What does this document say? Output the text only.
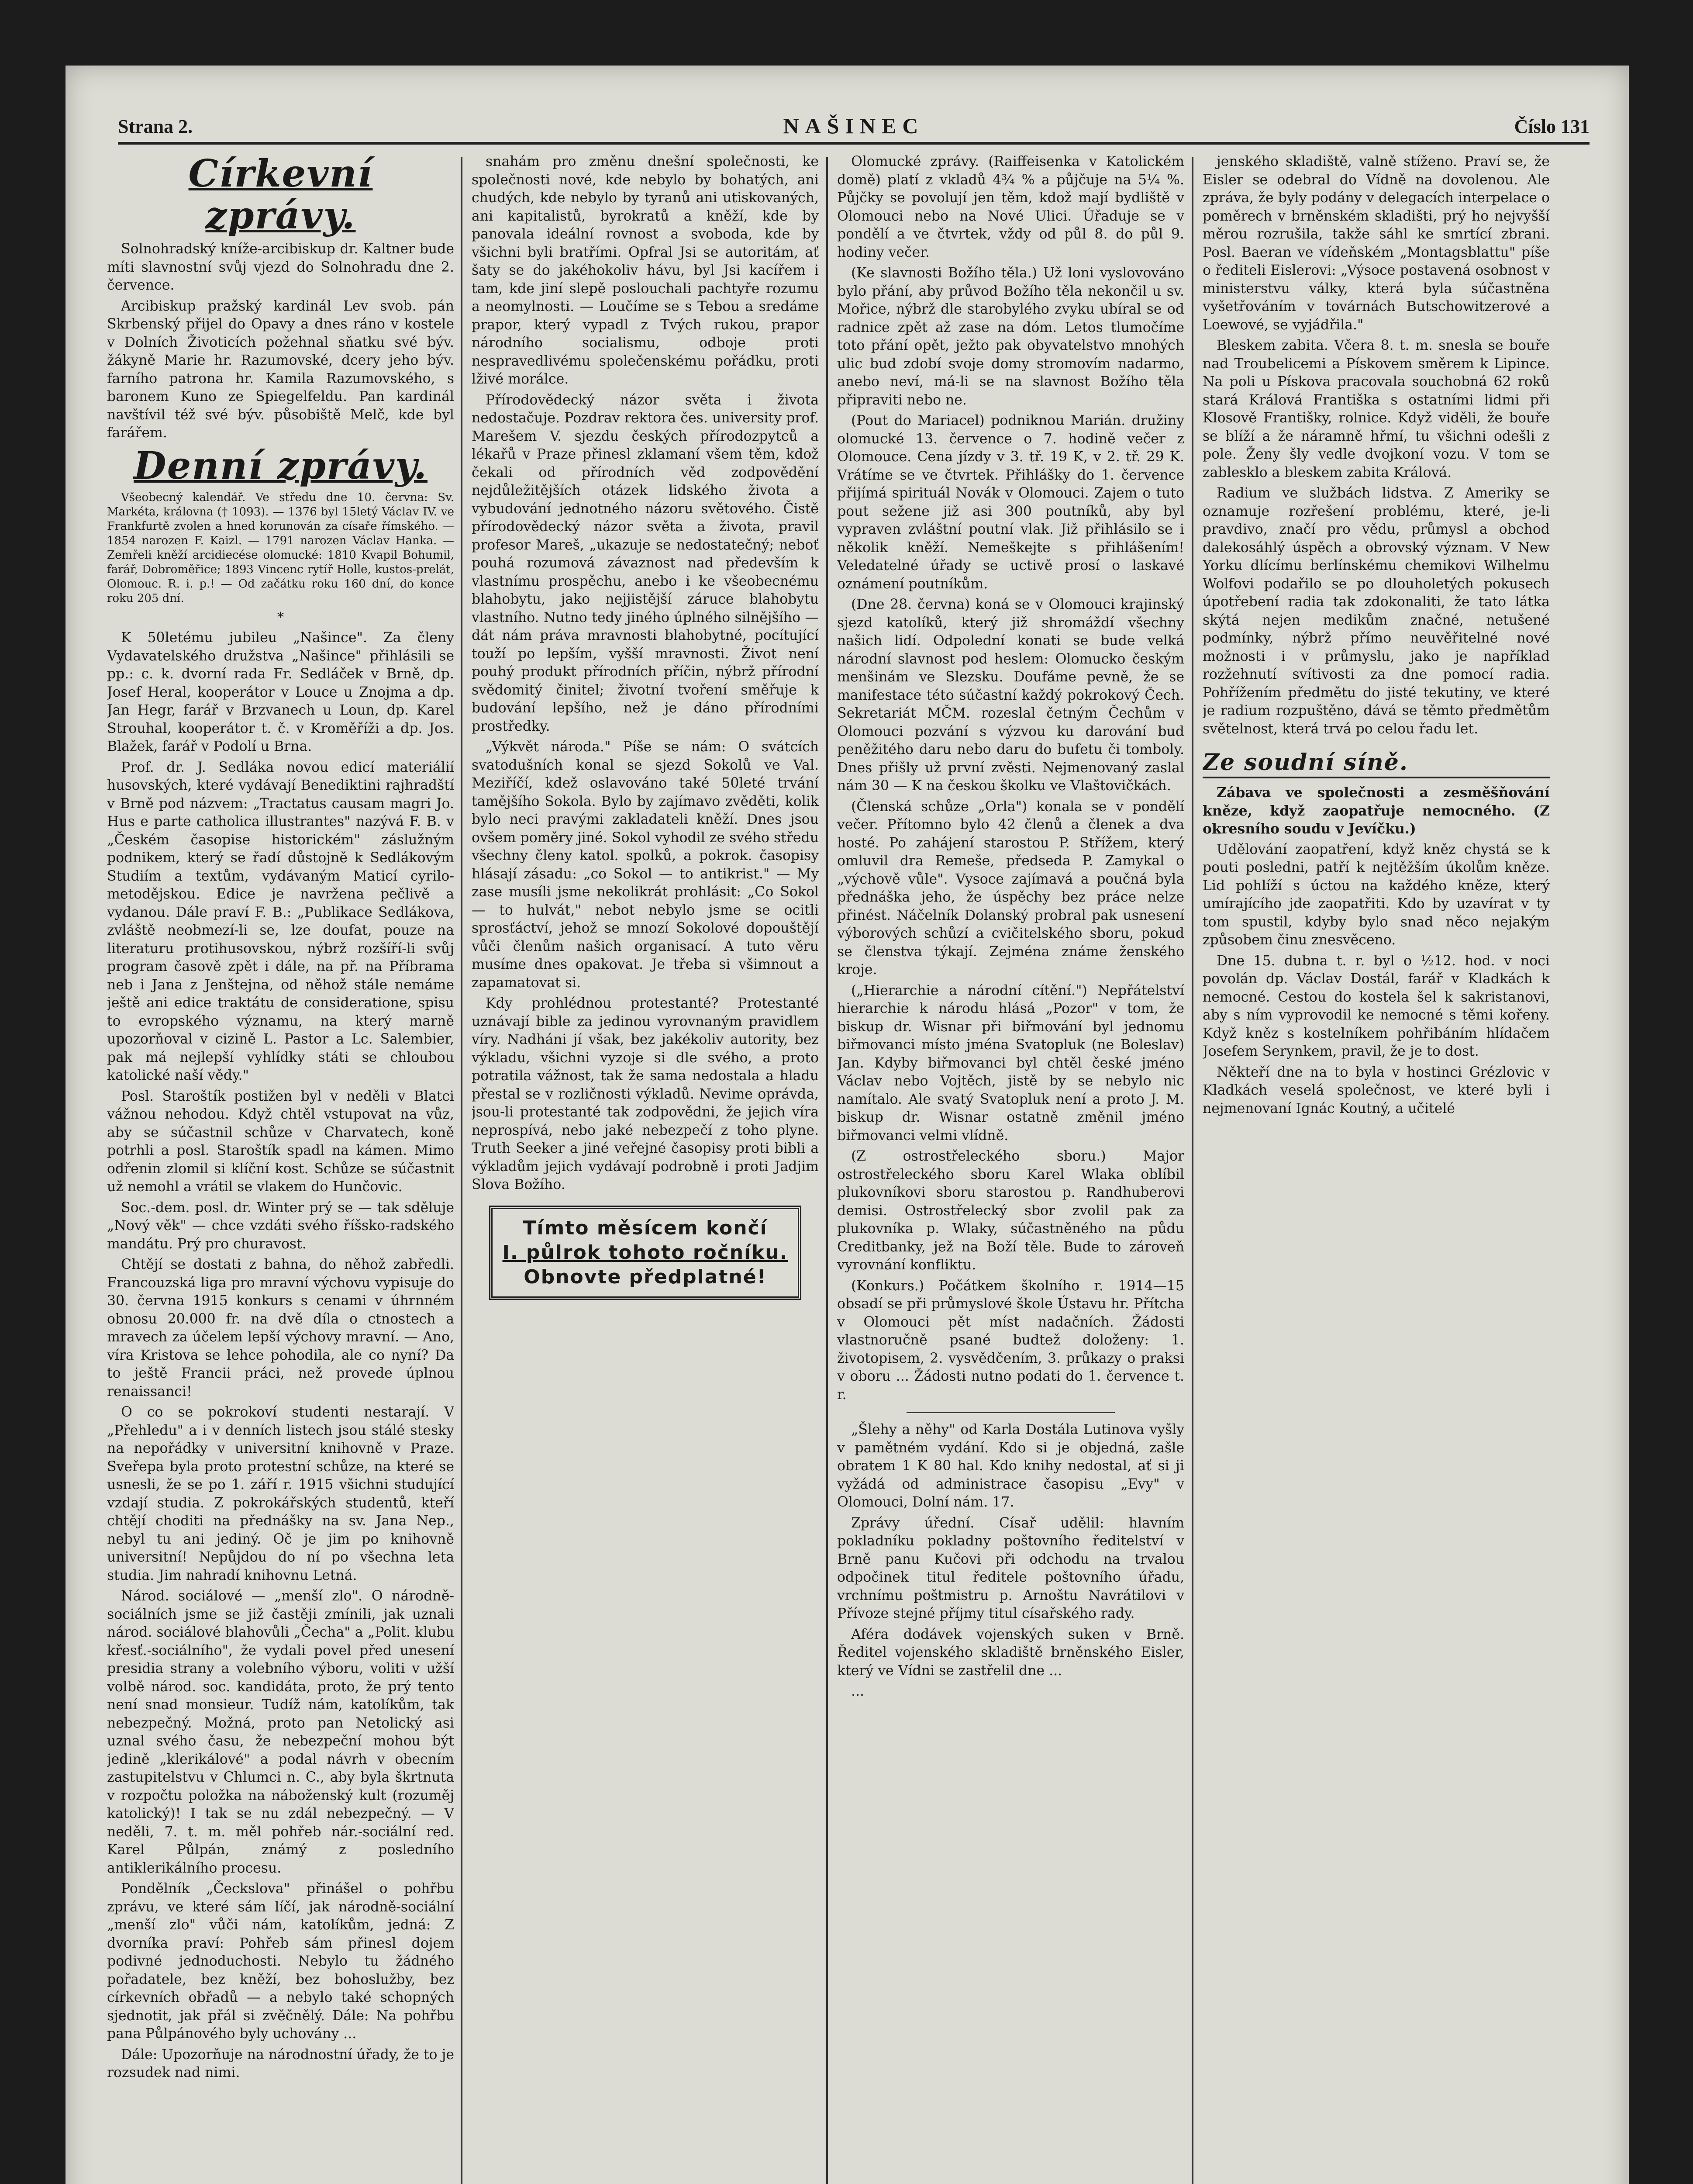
Strana 2.	NAŠINEC	Číslo 131
Církevní zprávy.

Solnohradský kníže-arcibiskup dr. Kaltner bude míti slavnostní svůj vjezd do Solnohradu dne 2. července.

Arcibiskup pražský kardinál Lev svob. pán Skrbenský přijel do Opavy a dnes ráno v kostele v Dolních Životicích požehnal sňatku své býv. žákyně Marie hr. Razumovské, dcery jeho býv. farního patrona hr. Kamila Razumovského, s baronem Kuno ze Spiegelfeldu. Pan kardinál navštívil též své býv. působiště Melč, kde byl farářem.

Denní zprávy.

Všeobecný kalendář. Ve středu dne 10. června: Sv. Markéta, královna († 1093). — 1376 byl 15letý Václav IV. ve Frankfurtě zvolen a hned korunován za císaře římského. — 1854 narozen F. Kaizl. — 1791 narozen Václav Hanka. — Zemřeli kněží arcidiecése olomucké: 1810 Kvapil Bohumil, farář, Dobroměřice; 1893 Vincenc rytíř Holle, kustos-prelát, Olomouc. R. i. p.! — Od začátku roku 160 dní, do konce roku 205 dní.

*

K 50letému jubileu „Našince". Za členy Vydavatelského družstva „Našince" přihlásili se pp.: c. k. dvorní rada Fr. Sedláček v Brně, dp. Josef Heral, kooperátor v Louce u Znojma a dp. Jan Hegr, farář v Brzvanech u Loun, dp. Karel Strouhal, kooperátor t. č. v Kroměříži a dp. Jos. Blažek, farář v Podolí u Brna.

Prof. dr. J. Sedláka novou edicí materiálií husovských, které vydávají Benediktini rajhradští v Brně pod názvem: „Tractatus causam magri Jo. Hus e parte catholica illustrantes" nazývá F. B. v „Českém časopise historickém" záslužným podnikem, který se řadí důstojně k Sedlákovým Studiím a textům, vydávaným Maticí cyrilo-metodějskou. Edice je navržena pečlivě a vydanou. Dále praví F. B.: „Publikace Sedlákova, zvláště neobmezí-li se, lze doufat, pouze na literaturu protihusovskou, nýbrž rozšíří-li svůj program časově zpět i dále, na př. na Příbrama neb i Jana z Jenštejna, od něhož stále nemáme ještě ani edice traktátu de consideratione, spisu to evropského významu, na který marně upozorňoval v cizině L. Pastor a Lc. Salembier, pak má nejlepší vyhlídky státi se chloubou katolické naší vědy."

Posl. Staroštík postižen byl v neděli v Blatci vážnou nehodou. Když chtěl vstupovat na vůz, aby se súčastnil schůze v Charvatech, koně potrhli a posl. Staroštík spadl na kámen. Mimo odřenin zlomil si klíční kost. Schůze se súčastnit už nemohl a vrátil se vlakem do Hunčovic.

Soc.-dem. posl. dr. Winter prý se — tak sděluje „Nový věk" — chce vzdáti svého říšsko-radského mandátu. Prý pro churavost.

Chtějí se dostati z bahna, do něhož zabředli. Francouzská liga pro mravní výchovu vypisuje do 30. června 1915 konkurs s cenami v úhrnném obnosu 20.000 fr. na dvě díla o ctnostech a mravech za účelem lepší výchovy mravní. — Ano, víra Kristova se lehce pohodila, ale co nyní? Da to ještě Francii práci, než provede úplnou renaissanci!

O co se pokrokoví studenti nestarají. V „Přehledu" a i v denních listech jsou stálé stesky na nepořádky v universitní knihovně v Praze. Sveřepa byla proto protestní schůze, na které se usnesli, že se po 1. září r. 1915 všichni studující vzdají studia. Z pokrokářských studentů, kteří chtějí choditi na přednášky na sv. Jana Nep., nebyl tu ani jediný. Oč je jim po knihovně universitní! Nepůjdou do ní po všechna leta studia. Jim nahradí knihovnu Letná.

Národ. sociálové — „menší zlo". O národně-sociálních jsme se již častěji zmínili, jak uznali národ. sociálové blahovůli „Čecha" a „Polit. klubu křesť.-sociálního", že vydali povel před unesení presidia strany a volebního výboru, voliti v užší volbě národ. soc. kandidáta, proto, že prý tento není snad monsieur. Tudíž nám, katolíkům, tak nebezpečný. Možná, proto pan Netolický asi uznal svého času, že nebezpeční mohou být jedině „klerikálové" a podal návrh v obecním zastupitelstvu v Chlumci n. C., aby byla škrtnuta v rozpočtu položka na náboženský kult (rozuměj katolický)! I tak se nu zdál nebezpečný. — V neděli, 7. t. m. měl pohřeb nár.-sociální red. Karel Půlpán, známý z posledního antiklerikálního procesu.

Pondělník „Čeckslova" přinášel o pohřbu zprávu, ve které sám líčí, jak národně-sociální „menší zlo" vůči nám, katolíkům, jedná: Z dvorníka praví: Pohřeb sám přinesl dojem podivné jednoduchosti. Nebylo tu žádného pořadatele, bez kněží, bez bohoslužby, bez církevních obřadů — a nebylo také schopných sjednotit, jak přál si zvěčnělý. Dále: Na pohřbu pana Půlpánového byly uchovány ...

Dále: Upozorňuje na národnostní úřady, že to je rozsudek nad nimi.

snahám pro změnu dnešní společnosti, ke společnosti nové, kde nebylo by bohatých, ani chudých, kde nebylo by tyranů ani utiskovaných, ani kapitalistů, byrokratů a kněží, kde by panovala ideální rovnost a svoboda, kde by všichni byli bratřími. Opfral Jsi se autoritám, ať šaty se do jakéhokoliv hávu, byl Jsi kacířem i tam, kde jiní slepě poslouchali pachtyře rozumu a neomylnosti. — Loučíme se s Tebou a sredáme prapor, který vypadl z Tvých rukou, prapor národního socialismu, odboje proti nespravedlivému společenskému pořádku, proti lživé morálce.

Přírodovědecký názor světa i života nedostačuje. Pozdrav rektora čes. university prof. Marešem V. sjezdu českých přírodozpytců a lékařů v Praze přinesl zklamaní všem těm, kdož čekali od přírodních věd zodpovědění nejdůležitějších otázek lidského života a vybudování jednotného názoru světového. Čistě přírodovědecký názor světa a života, pravil profesor Mareš, „ukazuje se nedostatečný; neboť pouhá rozumová závaznost nad především k vlastnímu prospěchu, anebo i ke všeobecnému blahobytu, jako nejjistější záruce blahobytu vlastního. Nutno tedy jiného úplného silnějšího — dát nám práva mravnosti blahobytné, pocítující touží po lepším, vyšší mravnosti. Život není pouhý produkt přírodních příčin, nýbrž přírodní svědomitý činitel; životní tvoření směřuje k budování lepšího, než je dáno přírodními prostředky.

„Výkvět národa." Píše se nám: O svátcích svatodušních konal se sjezd Sokolů ve Val. Meziříčí, kdež oslavováno také 50leté trvání tamějšího Sokola. Bylo by zajímavo zvěděti, kolik bylo neci pravými zakladateli kněží. Dnes jsou ovšem poměry jiné. Sokol vyhodil ze svého středu všechny členy katol. spolků, a pokrok. časopisy hlásají zásadu: „co Sokol — to antikrist." — My zase musíli jsme nekolikrát prohlásit: „Co Sokol — to hulvát," nebot nebylo jsme se ocitli sprosťáctví, jehož se mnozí Sokolové dopouštějí vůči členům našich organisací. A tuto věru musíme dnes opakovat. Je třeba si všimnout a zapamatovat si.

Kdy prohlédnou protestanté? Protestanté uznávají bible za jedinou vyrovnaným pravidlem víry. Nadháni jí však, bez jakékoliv autority, bez výkladu, všichni vyzoje si dle svého, a proto potratila vážnost, tak že sama nedostala a hladu přestal se v rozličnosti výkladů. Nevime oprávda, jsou-li protestanté tak zodpovědni, že jejich víra neprospívá, nebo jaké nebezpečí z toho plyne. Truth Seeker a jiné veřejné časopisy proti bibli a výkladům jejich vydávají podrobně i proti Jadjim Slova Božího.

Tímto měsícem končí
I. půlrok tohoto ročníku.
Obnovte předplatné!

Olomucké zprávy. (Raiffeisenka v Katolickém domě) platí z vkladů 4¾ % a půjčuje na 5¼ %. Půjčky se povolují jen těm, kdož mají bydliště v Olomouci nebo na Nové Ulici. Úřaduje se v pondělí a ve čtvrtek, vždy od půl 8. do půl 9. hodiny večer.

(Ke slavnosti Božího těla.) Už loni vyslovováno bylo přání, aby průvod Božího těla nekončil u sv. Mořice, nýbrž dle starobylého zvyku ubíral se od radnice zpět až zase na dóm. Letos tlumočíme toto přání opět, ježto pak obyvatelstvo mnohých ulic bud zdobí svoje domy stromovím nadarmo, anebo neví, má-li se na slavnost Božího těla připraviti nebo ne.

(Pout do Mariacel) podniknou Marián. družiny olomucké 13. července o 7. hodině večer z Olomouce. Cena jízdy v 3. tř. 19 K, v 2. tř. 29 K. Vrátíme se ve čtvrtek. Přihlášky do 1. července přijímá spirituál Novák v Olomouci. Zajem o tuto pout sežene již asi 300 poutníků, aby byl vypraven zvláštní poutní vlak. Již přihlásilo se i několik kněží. Nemeškejte s přihlášením! Veledatelné úřady se uctivě prosí o laskavé oznámení poutníkům.

(Dne 28. června) koná se v Olomouci krajinský sjezd katolíků, který již shromáždí všechny našich lidí. Odpolední konati se bude velká národní slavnost pod heslem: Olomucko českým menšinám ve Slezsku. Doufáme pevně, že se manifestace této súčastní každý pokrokový Čech. Sekretariát MČM. rozeslal četným Čechům v Olomouci pozvání s výzvou ku darování bud peněžitého daru nebo daru do bufetu či tomboly. Dnes přišly už první zvěsti. Nejmenovaný zaslal nám 30 — K na českou školku ve Vlaštovičkách.

(Členská schůze „Orla") konala se v pondělí večer. Přítomno bylo 42 členů a členek a dva hosté. Po zahájení starostou P. Střížem, který omluvil dra Remeše, předseda P. Zamykal o „výchově vůle". Vysoce zajímavá a poučná byla přednáška jeho, že úspěchy bez práce nelze přinést. Náčelník Dolanský probral pak usnesení výborových schůzí a cvičitelského sboru, pokud se členstva týkají. Zejména známe ženského kroje.

(„Hierarchie a národní cítění.") Nepřátelství hierarchie k národu hlásá „Pozor" v tom, že biskup dr. Wisnar při biřmování byl jednomu biřmovanci místo jména Svatopluk (ne Boleslav) Jan. Kdyby biřmovanci byl chtěl české jméno Václav nebo Vojtěch, jistě by se nebylo nic namítalo. Ale svatý Svatopluk není a proto J. M. biskup dr. Wisnar ostatně změnil jméno biřmovanci velmi vlídně.

(Z ostrostřeleckého sboru.) Major ostrostřeleckého sboru Karel Wlaka oblíbil plukovníkovi sboru starostou p. Randhuberovi demisi. Ostrostřelecký sbor zvolil pak za plukovníka p. Wlaky, súčastněného na půdu Creditbanky, jež na Boží těle. Bude to zároveň vyrovnání konfliktu.

(Konkurs.) Počátkem školního r. 1914—15 obsadí se při průmyslové škole Ústavu hr. Přítcha v Olomouci pět míst nadačních. Žádosti vlastnoručně psané budtež doloženy: 1. životopisem, 2. vysvědčením, 3. průkazy o praksi v oboru ... Žádosti nutno podati do 1. července t. r.

„Šlehy a něhy" od Karla Dostála Lutinova vyšly v pamětném vydání. Kdo si je objedná, zašle obratem 1 K 80 hal. Kdo knihy nedostal, ať si ji vyžádá od administrace časopisu „Evy" v Olomouci, Dolní nám. 17.

Zprávy úřední. Císař udělil: hlavním pokladníku pokladny poštovního ředitelství v Brně panu Kučovi při odchodu na trvalou odpočinek titul ředitele poštovního úřadu, vrchnímu poštmistru p. Arnoštu Navrátilovi v Přívoze stejné příjmy titul císařského rady.

Aféra dodávek vojenských suken v Brně. Ředitel vojenského skladiště brněnského Eisler, který ve Vídni se zastřelil dne ...

...

jenského skladiště, valně stíženo. Praví se, že Eisler se odebral do Vídně na dovolenou. Ale zpráva, že byly podány v delegacích interpelace o poměrech v brněnském skladišti, prý ho nejvyšší měrou rozrušila, takže sáhl ke smrtící zbrani. Posl. Baeran ve vídeňském „Montagsblattu" píše o řediteli Eislerovi: „Výsoce postavená osobnost v ministerstvu války, která byla súčastněna vyšetřováním v továrnách Butschowitzerové a Loewové, se vyjádřila."

Bleskem zabita. Včera 8. t. m. snesla se bouře nad Troubelicemi a Pískovem směrem k Lipince. Na poli u Pískova pracovala souchobná 62 roků stará Králová Františka s ostatními lidmi při Klosově Františky, rolnice. Když viděli, že bouře se blíží a že náramně hřmí, tu všichni odešli z pole. Ženy šly vedle dvojkoní vozu. V tom se zablesklo a bleskem zabita Králová.

Radium ve službách lidstva. Z Ameriky se oznamuje rozřešení problému, které, je-li pravdivo, značí pro vědu, průmysl a obchod dalekosáhlý úspěch a obrovský význam. V New Yorku dlícímu berlínskému chemikovi Wilhelmu Wolfovi podařilo se po dlouholetých pokusech úpotřebení radia tak zdokonaliti, že tato látka skýtá nejen medikům značné, netušené podmínky, nýbrž přímo neuvěřitelné nové možnosti i v průmyslu, jako je například rozžehnutí svítivosti za dne pomocí radia. Pohřížením předmětu do jisté tekutiny, ve které je radium rozpuštěno, dává se těmto předmětům světelnost, která trvá po celou řadu let.

Ze soudní síně.

Zábava ve společnosti a zesměšňování kněze, když zaopatřuje nemocného. (Z okresního soudu v Jevíčku.)

Udělování zaopatření, když kněz chystá se k pouti posledni, patří k nejtěžším úkolům kněze. Lid pohlíží s úctou na každého kněze, který umírajícího jde zaopatřiti. Kdo by uzavírat v ty tom spustil, kdyby bylo snad něco nejakým způsobem činu znesvěceno.

Dne 15. dubna t. r. byl o ½12. hod. v noci povolán dp. Václav Dostál, farář v Kladkách k nemocné. Cestou do kostela šel k sakristanovi, aby s ním vyprovodil ke nemocné s těmi kořeny. Když kněz s kostelníkem pohřibáním hlídačem Josefem Serynkem, pravil, že je to dost.

Někteří dne na to byla v hostinci Grézlovic v Kladkách veselá společnost, ve které byli i nejmenovaní Ignác Koutný, a učitelé
